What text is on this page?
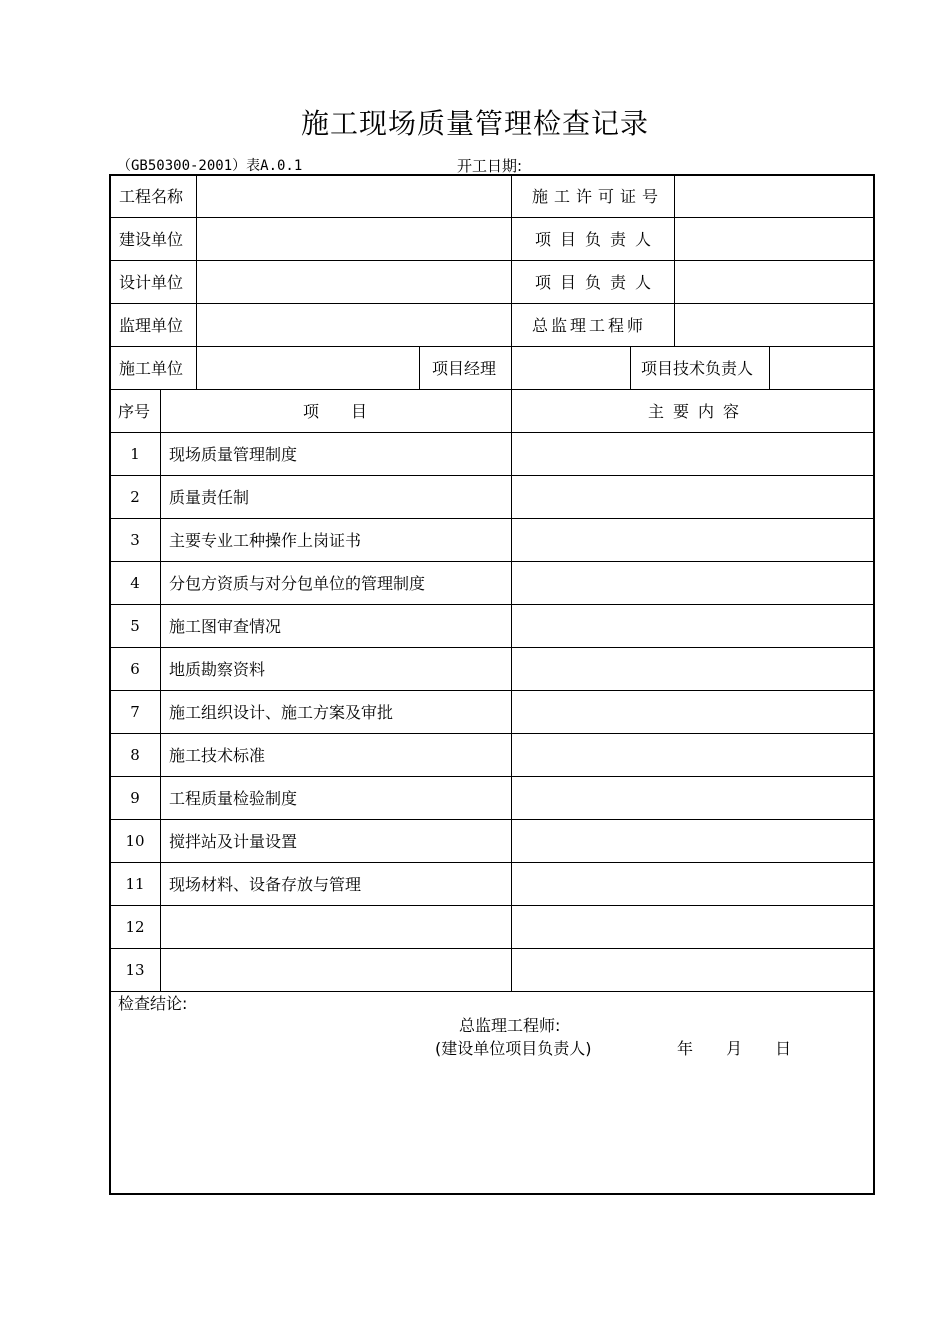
施工现场质量管理检查记录
（GB50300-2001）表A.0.1	开工日期:
工程名称	施工许可证号
建设单位	项目负责人
设计单位	项目负责人
监理单位	总监理工程师
施工单位	项目经理	项目技术负责人
序号	项　　目	主要内容
1	现场质量管理制度
2	质量责任制
3	主要专业工种操作上岗证书
4	分包方资质与对分包单位的管理制度
5	施工图审查情况
6	地质勘察资料
7	施工组织设计、施工方案及审批
8	施工技术标准
9	工程质量检验制度
10	搅拌站及计量设置
11	现场材料、设备存放与管理
12
13
检查结论:
总监理工程师:
(建设单位项目负责人)	年　 月　 日
